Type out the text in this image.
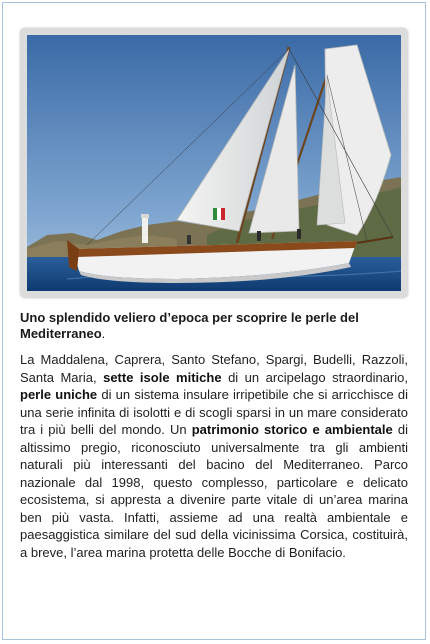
Uno splendido veliero d’epoca per scoprire le perle del Mediterraneo.

La Maddalena, Caprera, Santo Stefano, Spargi, Budelli, Razzoli, Santa Maria, sette isole mitiche di un arcipelago straordinario, perle uniche di un sistema insulare irripetibile che si arricchisce di una serie infinita di isolotti e di scogli sparsi in un mare considerato tra i più belli del mondo. Un patrimonio storico e ambientale di altissimo pregio, riconosciuto universalmente tra gli ambienti naturali più interessanti del bacino del Mediterraneo. Parco nazionale dal 1998, questo complesso, particolare e delicato ecosistema, si appresta a divenire parte vitale di un’area marina ben più vasta. Infatti, assieme ad una realtà ambientale e paesaggistica similare del sud della vicinissima Corsica, costituirà, a breve, l’area marina protetta delle Bocche di Bonifacio.
